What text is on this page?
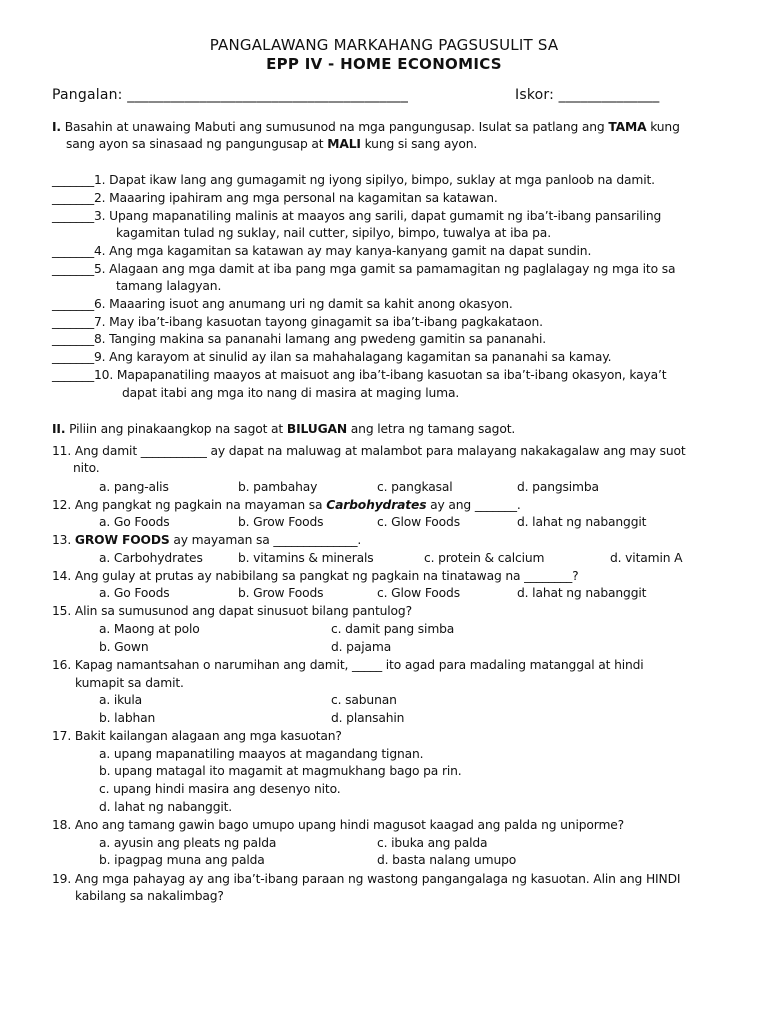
PANGALAWANG MARKAHANG PAGSUSULIT SA
EPP IV - HOME ECONOMICS
Pangalan: _______________________________________	Iskor: ______________
I. Basahin at unawaing Mabuti ang sumusunod na mga pangungusap. Isulat sa patlang ang TAMA kung
sang ayon sa sinasaad ng pangungusap at MALI kung si sang ayon.
_______1. Dapat ikaw lang ang gumagamit ng iyong sipilyo, bimpo, suklay at mga panloob na damit.
_______2. Maaaring ipahiram ang mga personal na kagamitan sa katawan.
_______3. Upang mapanatiling malinis at maayos ang sarili, dapat gumamit ng iba’t-ibang pansariling
kagamitan tulad ng suklay, nail cutter, sipilyo, bimpo, tuwalya at iba pa.
_______4. Ang mga kagamitan sa katawan ay may kanya-kanyang gamit na dapat sundin.
_______5. Alagaan ang mga damit at iba pang mga gamit sa pamamagitan ng paglalagay ng mga ito sa
tamang lalagyan.
_______6. Maaaring isuot ang anumang uri ng damit sa kahit anong okasyon.
_______7. May iba’t-ibang kasuotan tayong ginagamit sa iba’t-ibang pagkakataon.
_______8. Tanging makina sa pananahi lamang ang pwedeng gamitin sa pananahi.
_______9. Ang karayom at sinulid ay ilan sa mahahalagang kagamitan sa pananahi sa kamay.
_______10. Mapapanatiling maayos at maisuot ang iba’t-ibang kasuotan sa iba’t-ibang okasyon, kaya’t
dapat itabi ang mga ito nang di masira at maging luma.
II. Piliin ang pinakaangkop na sagot at BILUGAN ang letra ng tamang sagot.
11. Ang damit ___________ ay dapat na maluwag at malambot para malayang nakakagalaw ang may suot
nito.
a. pang-alis	b. pambahay	c. pangkasal	d. pangsimba
12. Ang pangkat ng pagkain na mayaman sa Carbohydrates ay ang _______.
a. Go Foods	b. Grow Foods	c. Glow Foods	d. lahat ng nabanggit
13. GROW FOODS ay mayaman sa ______________.
a. Carbohydrates	b. vitamins & minerals	c. protein & calcium	d. vitamin A
14. Ang gulay at prutas ay nabibilang sa pangkat ng pagkain na tinatawag na ________?
a. Go Foods	b. Grow Foods	c. Glow Foods	d. lahat ng nabanggit
15. Alin sa sumusunod ang dapat sinusuot bilang pantulog?
a. Maong at polo	c. damit pang simba
b. Gown	d. pajama
16. Kapag namantsahan o narumihan ang damit, _____ ito agad para madaling matanggal at hindi
kumapit sa damit.
a. ikula	c. sabunan
b. labhan	d. plansahin
17. Bakit kailangan alagaan ang mga kasuotan?
a. upang mapanatiling maayos at magandang tignan.
b. upang matagal ito magamit at magmukhang bago pa rin.
c. upang hindi masira ang desenyo nito.
d. lahat ng nabanggit.
18. Ano ang tamang gawin bago umupo upang hindi magusot kaagad ang palda ng uniporme?
a. ayusin ang pleats ng palda	c. ibuka ang palda
b. ipagpag muna ang palda	d. basta nalang umupo
19. Ang mga pahayag ay ang iba’t-ibang paraan ng wastong pangangalaga ng kasuotan. Alin ang HINDI
kabilang sa nakalimbag?
